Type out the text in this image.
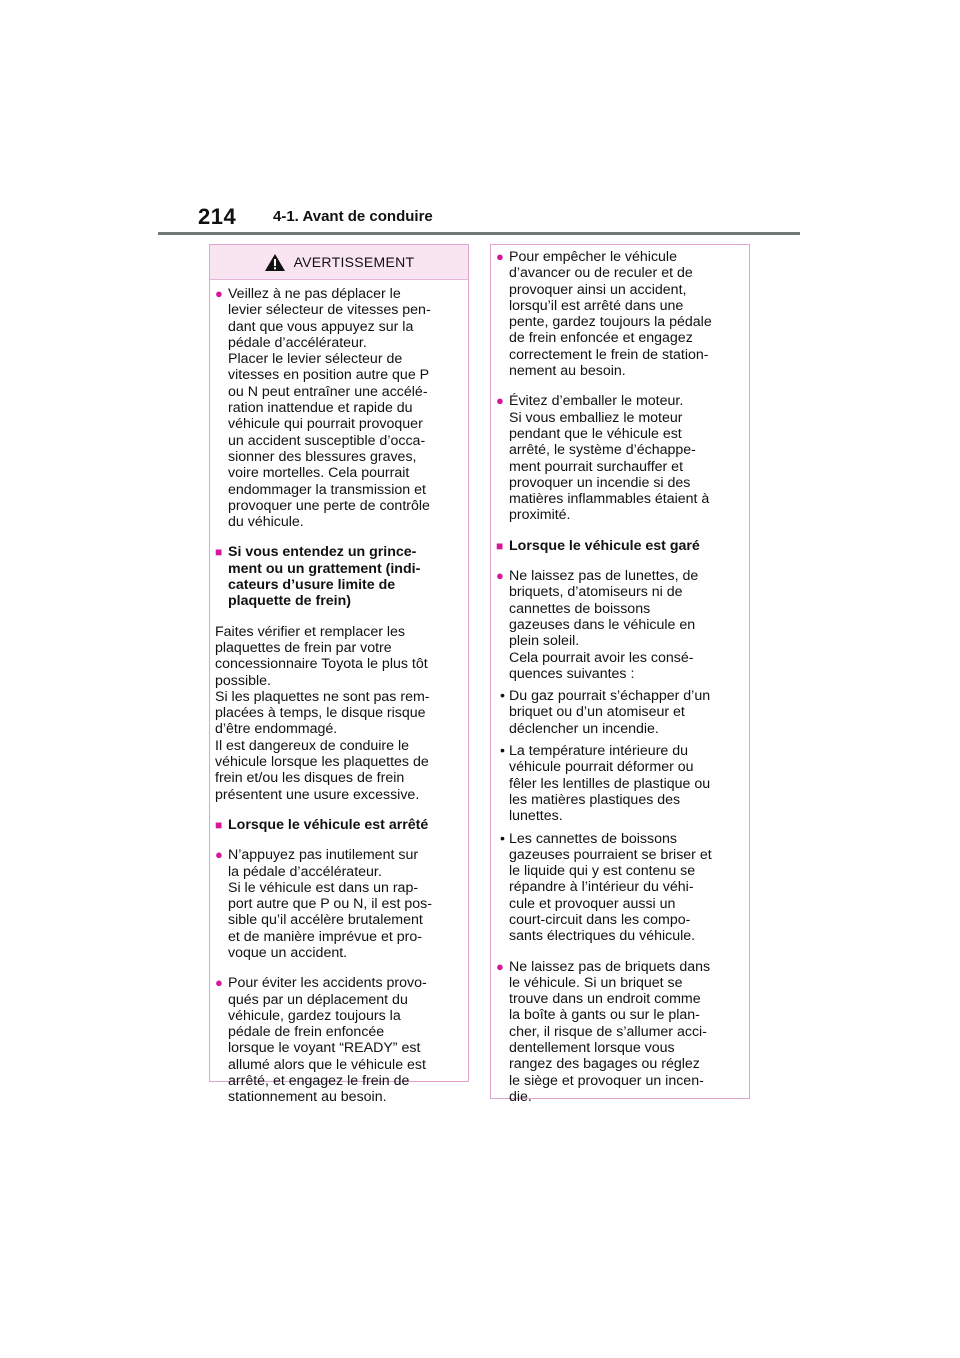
214 4-1. Avant de conduire
AVERTISSEMENT
● Veillez à ne pas déplacer le
levier sélecteur de vitesses pen-
dant que vous appuyez sur la
pédale d’accélérateur.
Placer le levier sélecteur de
vitesses en position autre que P
ou N peut entraîner une accélé-
ration inattendue et rapide du
véhicule qui pourrait provoquer
un accident susceptible d’occa-
sionner des blessures graves,
voire mortelles. Cela pourrait
endommager la transmission et
provoquer une perte de contrôle
du véhicule.
■ Si vous entendez un grince-
ment ou un grattement (indi-
cateurs d’usure limite de
plaquette de frein)
Faites vérifier et remplacer les
plaquettes de frein par votre
concessionnaire Toyota le plus tôt
possible.
Si les plaquettes ne sont pas rem-
placées à temps, le disque risque
d’être endommagé.
Il est dangereux de conduire le
véhicule lorsque les plaquettes de
frein et/ou les disques de frein
présentent une usure excessive.
■ Lorsque le véhicule est arrêté
● N’appuyez pas inutilement sur
la pédale d’accélérateur.
Si le véhicule est dans un rap-
port autre que P ou N, il est pos-
sible qu’il accélère brutalement
et de manière imprévue et pro-
voque un accident.
● Pour éviter les accidents provo-
qués par un déplacement du
véhicule, gardez toujours la
pédale de frein enfoncée
lorsque le voyant “READY” est
allumé alors que le véhicule est
arrêté, et engagez le frein de
stationnement au besoin.
● Pour empêcher le véhicule
d’avancer ou de reculer et de
provoquer ainsi un accident,
lorsqu’il est arrêté dans une
pente, gardez toujours la pédale
de frein enfoncée et engagez
correctement le frein de station-
nement au besoin.
● Évitez d’emballer le moteur.
Si vous emballiez le moteur
pendant que le véhicule est
arrêté, le système d’échappe-
ment pourrait surchauffer et
provoquer un incendie si des
matières inflammables étaient à
proximité.
■ Lorsque le véhicule est garé
● Ne laissez pas de lunettes, de
briquets, d’atomiseurs ni de
cannettes de boissons
gazeuses dans le véhicule en
plein soleil.
Cela pourrait avoir les consé-
quences suivantes :
• Du gaz pourrait s’échapper d’un
briquet ou d’un atomiseur et
déclencher un incendie.
• La température intérieure du
véhicule pourrait déformer ou
fêler les lentilles de plastique ou
les matières plastiques des
lunettes.
• Les cannettes de boissons
gazeuses pourraient se briser et
le liquide qui y est contenu se
répandre à l’intérieur du véhi-
cule et provoquer aussi un
court-circuit dans les compo-
sants électriques du véhicule.
● Ne laissez pas de briquets dans
le véhicule. Si un briquet se
trouve dans un endroit comme
la boîte à gants ou sur le plan-
cher, il risque de s’allumer acci-
dentellement lorsque vous
rangez des bagages ou réglez
le siège et provoquer un incen-
die.
